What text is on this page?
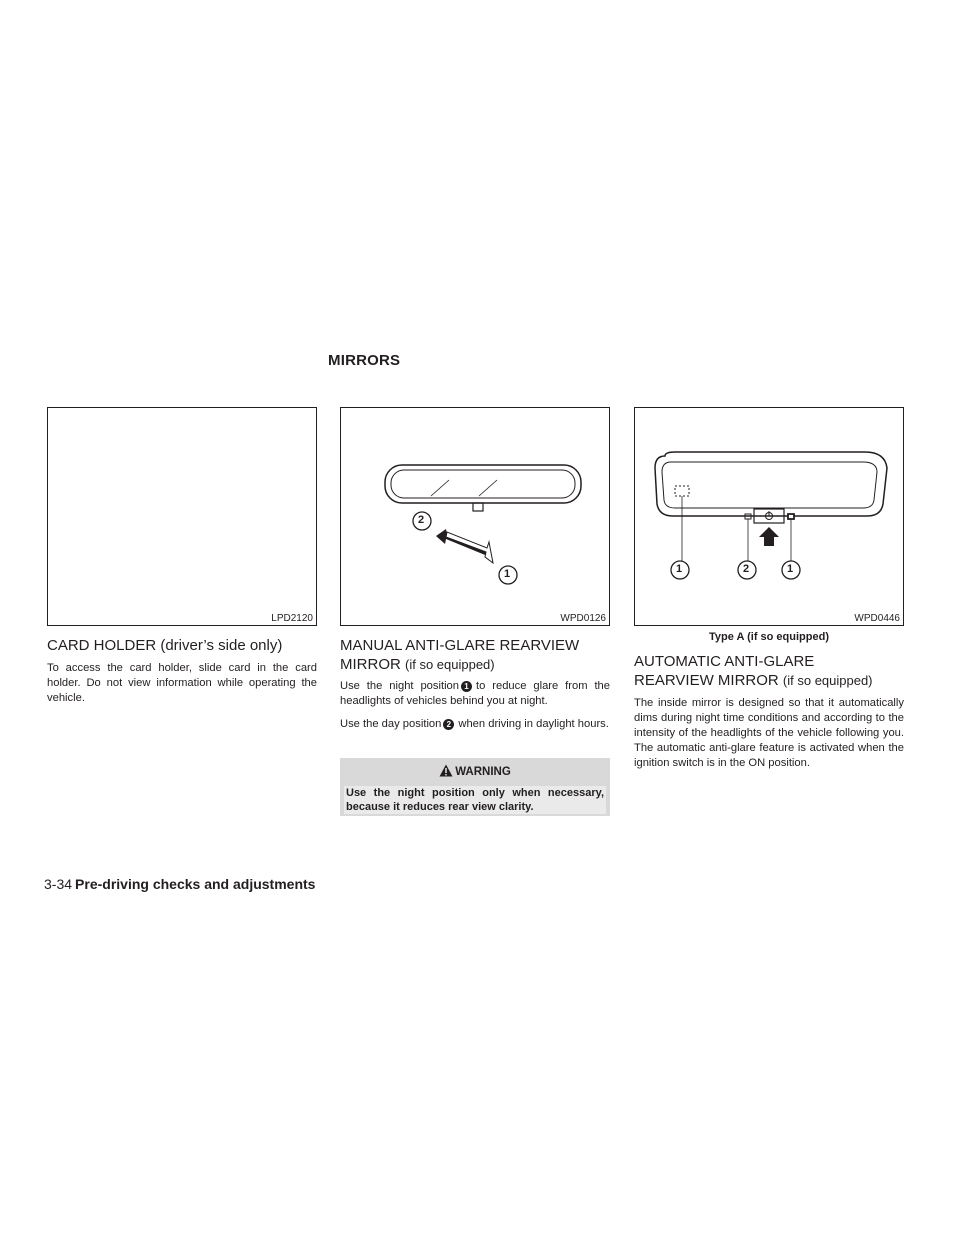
MIRRORS
LPD2120
2
1
WPD0126
1	2	1
WPD0446
Type A (if so equipped)
CARD HOLDER (driver’s side only)

To access the card holder, slide card in the card holder. Do not view information while operating the vehicle.

MANUAL ANTI-GLARE REARVIEW
MIRROR (if so equipped)

Use the night position 1 to reduce glare from the headlights of vehicles behind you at night.

Use the day position 2 when driving in daylight hours.

WARNING
Use the night position only when necessary, because it reduces rear view clarity.
AUTOMATIC ANTI-GLARE
REARVIEW MIRROR (if so equipped)

The inside mirror is designed so that it automatically dims during night time conditions and according to the intensity of the headlights of the vehicle following you. The automatic anti-glare feature is activated when the ignition switch is in the ON position.

3-34 Pre-driving checks and adjustments
